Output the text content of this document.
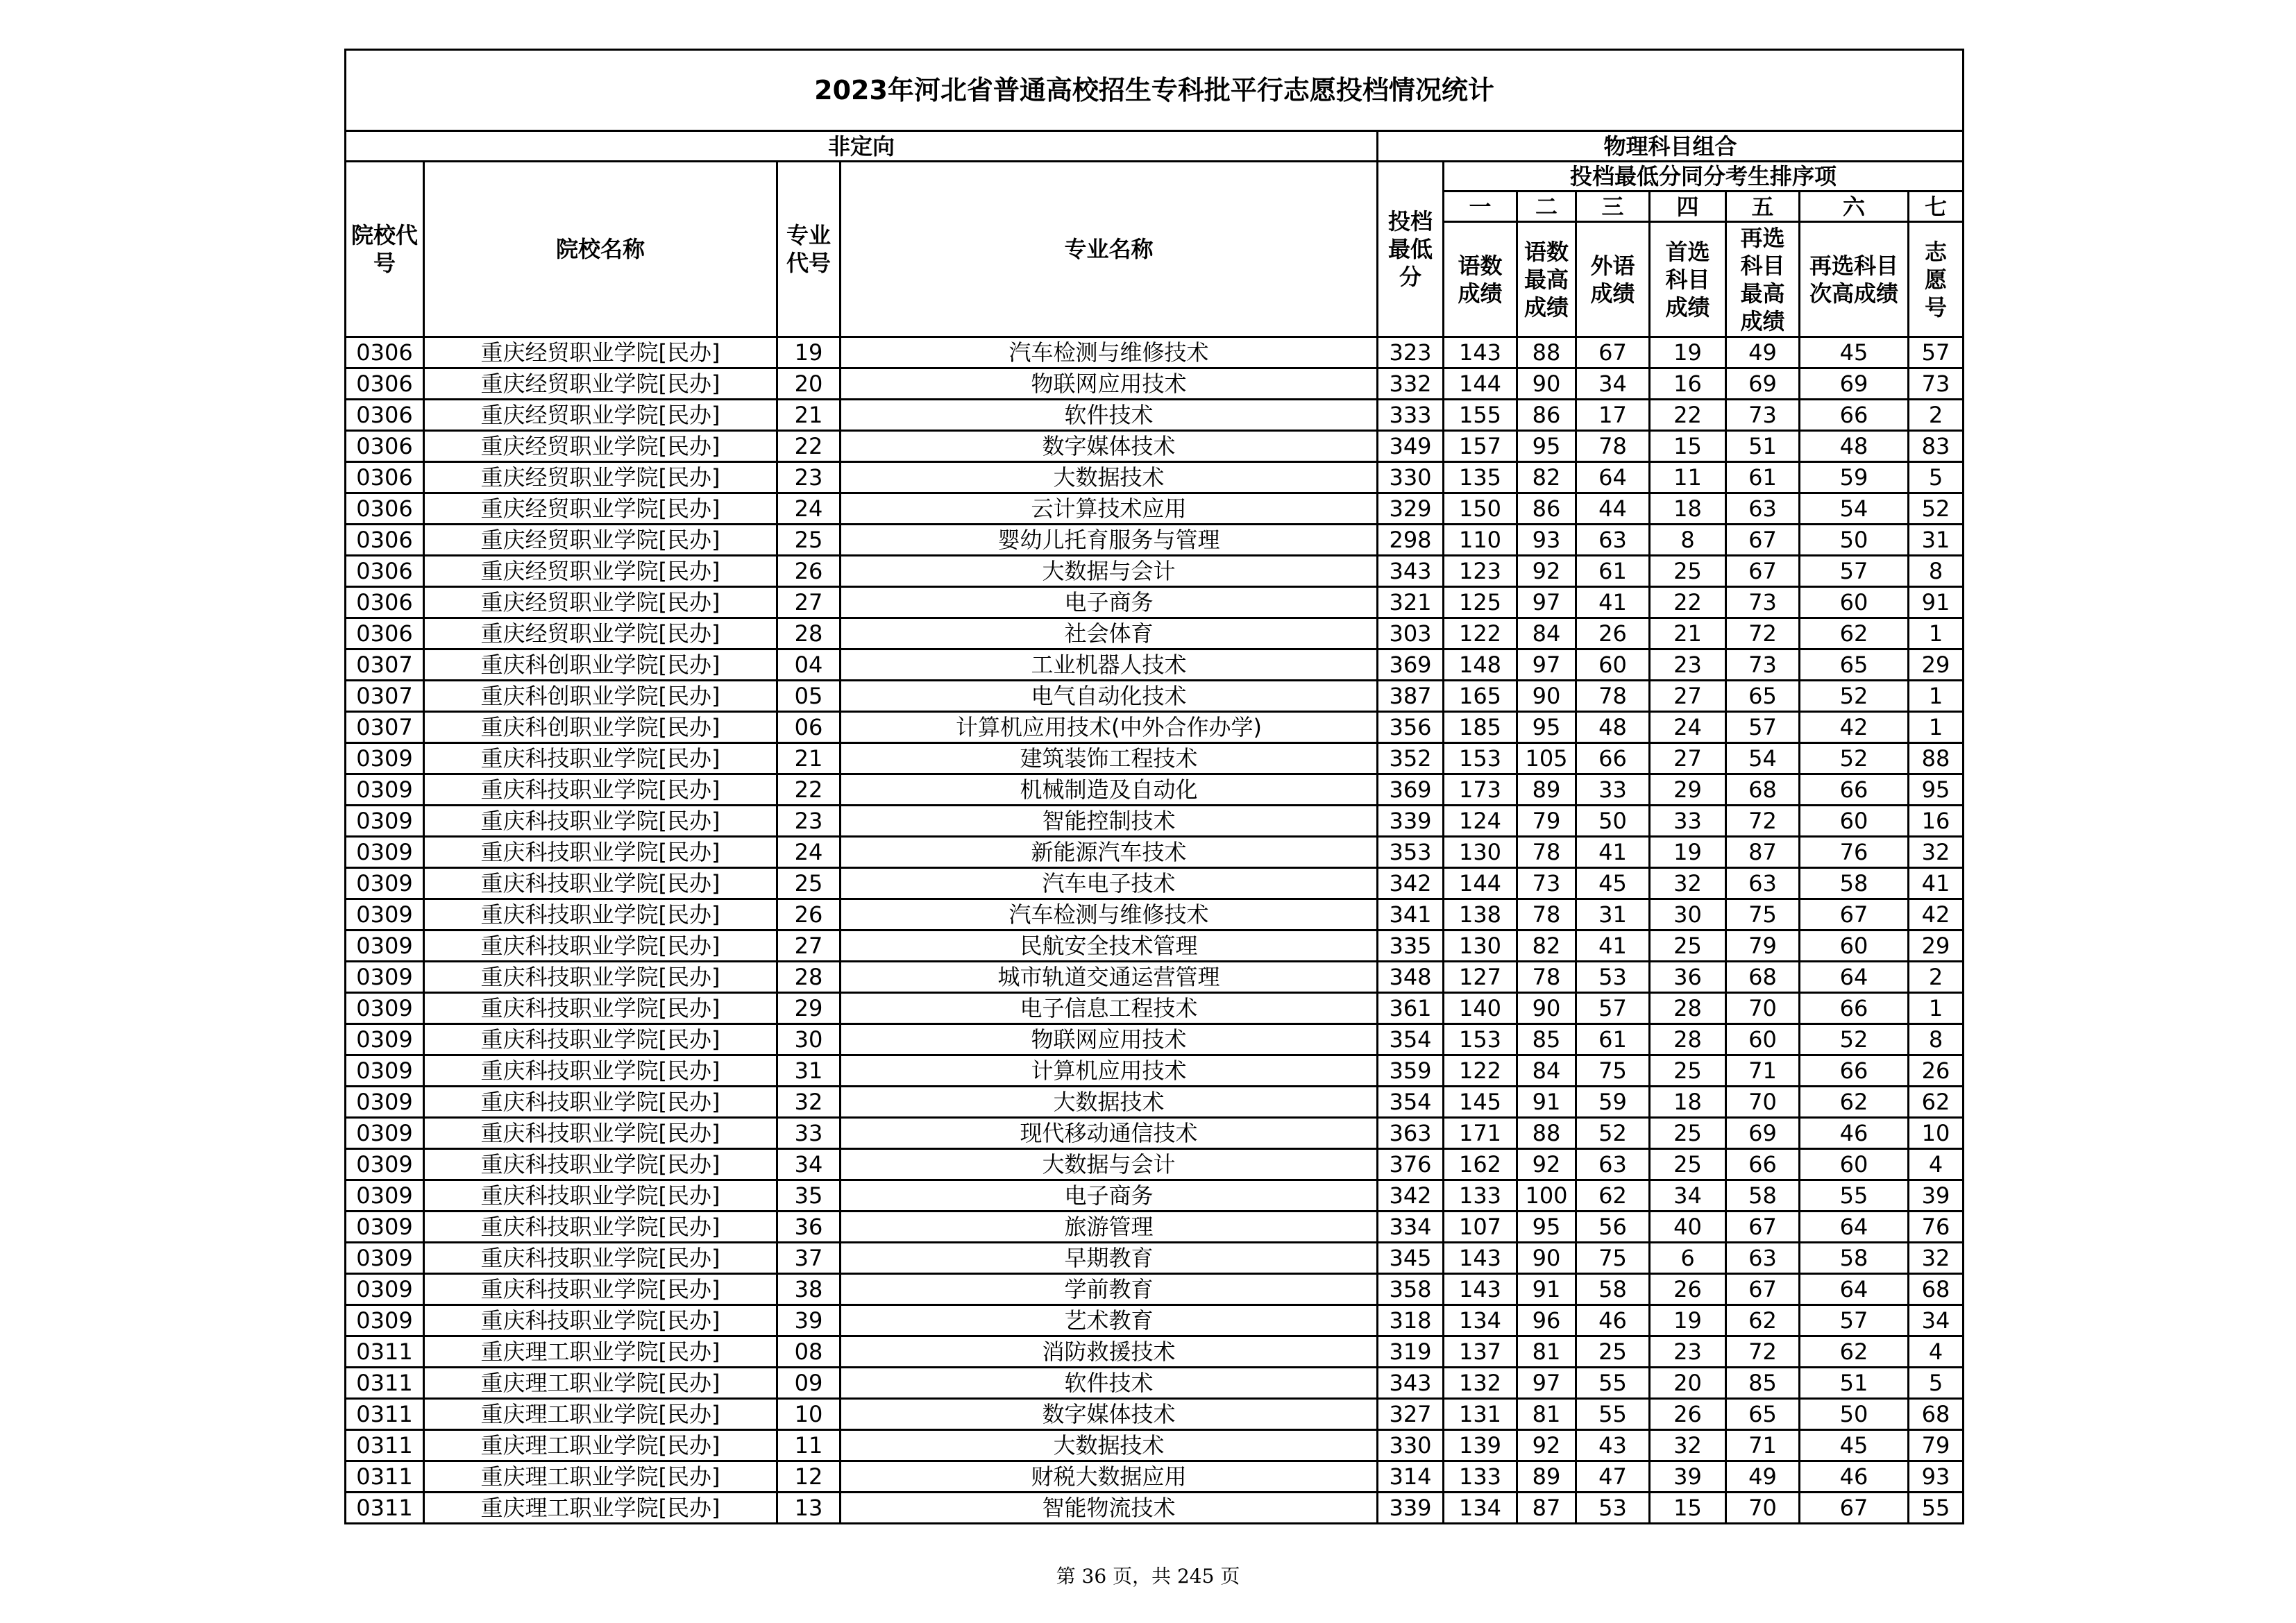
2023年河北省普通高校招生专科批平行志愿投档情况统计											
非定向				物理科目组合							
院校代号	院校名称	专业代号	专业名称	投档最低分	投档最低分同分考生排序项						
					一	二	三	四	五	六	七

					语数成绩	语数最高成绩	外语成绩	首选科目成绩	再选科目最高成绩	再选科目次高成绩	志愿号

0306	重庆经贸职业学院[民办]	19	汽车检测与维修技术	323	143	88	67	19	49	45	57
0306	重庆经贸职业学院[民办]	20	物联网应用技术	332	144	90	34	16	69	69	73
0306	重庆经贸职业学院[民办]	21	软件技术	333	155	86	17	22	73	66	2
0306	重庆经贸职业学院[民办]	22	数字媒体技术	349	157	95	78	15	51	48	83
0306	重庆经贸职业学院[民办]	23	大数据技术	330	135	82	64	11	61	59	5
0306	重庆经贸职业学院[民办]	24	云计算技术应用	329	150	86	44	18	63	54	52
0306	重庆经贸职业学院[民办]	25	婴幼儿托育服务与管理	298	110	93	63	8	67	50	31
0306	重庆经贸职业学院[民办]	26	大数据与会计	343	123	92	61	25	67	57	8
0306	重庆经贸职业学院[民办]	27	电子商务	321	125	97	41	22	73	60	91
0306	重庆经贸职业学院[民办]	28	社会体育	303	122	84	26	21	72	62	1
0307	重庆科创职业学院[民办]	04	工业机器人技术	369	148	97	60	23	73	65	29
0307	重庆科创职业学院[民办]	05	电气自动化技术	387	165	90	78	27	65	52	1
0307	重庆科创职业学院[民办]	06	计算机应用技术(中外合作办学)	356	185	95	48	24	57	42	1
0309	重庆科技职业学院[民办]	21	建筑装饰工程技术	352	153	105	66	27	54	52	88
0309	重庆科技职业学院[民办]	22	机械制造及自动化	369	173	89	33	29	68	66	95
0309	重庆科技职业学院[民办]	23	智能控制技术	339	124	79	50	33	72	60	16
0309	重庆科技职业学院[民办]	24	新能源汽车技术	353	130	78	41	19	87	76	32
0309	重庆科技职业学院[民办]	25	汽车电子技术	342	144	73	45	32	63	58	41
0309	重庆科技职业学院[民办]	26	汽车检测与维修技术	341	138	78	31	30	75	67	42
0309	重庆科技职业学院[民办]	27	民航安全技术管理	335	130	82	41	25	79	60	29
0309	重庆科技职业学院[民办]	28	城市轨道交通运营管理	348	127	78	53	36	68	64	2
0309	重庆科技职业学院[民办]	29	电子信息工程技术	361	140	90	57	28	70	66	1
0309	重庆科技职业学院[民办]	30	物联网应用技术	354	153	85	61	28	60	52	8
0309	重庆科技职业学院[民办]	31	计算机应用技术	359	122	84	75	25	71	66	26
0309	重庆科技职业学院[民办]	32	大数据技术	354	145	91	59	18	70	62	62
0309	重庆科技职业学院[民办]	33	现代移动通信技术	363	171	88	52	25	69	46	10
0309	重庆科技职业学院[民办]	34	大数据与会计	376	162	92	63	25	66	60	4
0309	重庆科技职业学院[民办]	35	电子商务	342	133	100	62	34	58	55	39
0309	重庆科技职业学院[民办]	36	旅游管理	334	107	95	56	40	67	64	76
0309	重庆科技职业学院[民办]	37	早期教育	345	143	90	75	6	63	58	32
0309	重庆科技职业学院[民办]	38	学前教育	358	143	91	58	26	67	64	68
0309	重庆科技职业学院[民办]	39	艺术教育	318	134	96	46	19	62	57	34
0311	重庆理工职业学院[民办]	08	消防救援技术	319	137	81	25	23	72	62	4
0311	重庆理工职业学院[民办]	09	软件技术	343	132	97	55	20	85	51	5
0311	重庆理工职业学院[民办]	10	数字媒体技术	327	131	81	55	26	65	50	68
0311	重庆理工职业学院[民办]	11	大数据技术	330	139	92	43	32	71	45	79
0311	重庆理工职业学院[民办]	12	财税大数据应用	314	133	89	47	39	49	46	93
0311	重庆理工职业学院[民办]	13	智能物流技术	339	134	87	53	15	70	67	55
第 36 页，共 245 页
